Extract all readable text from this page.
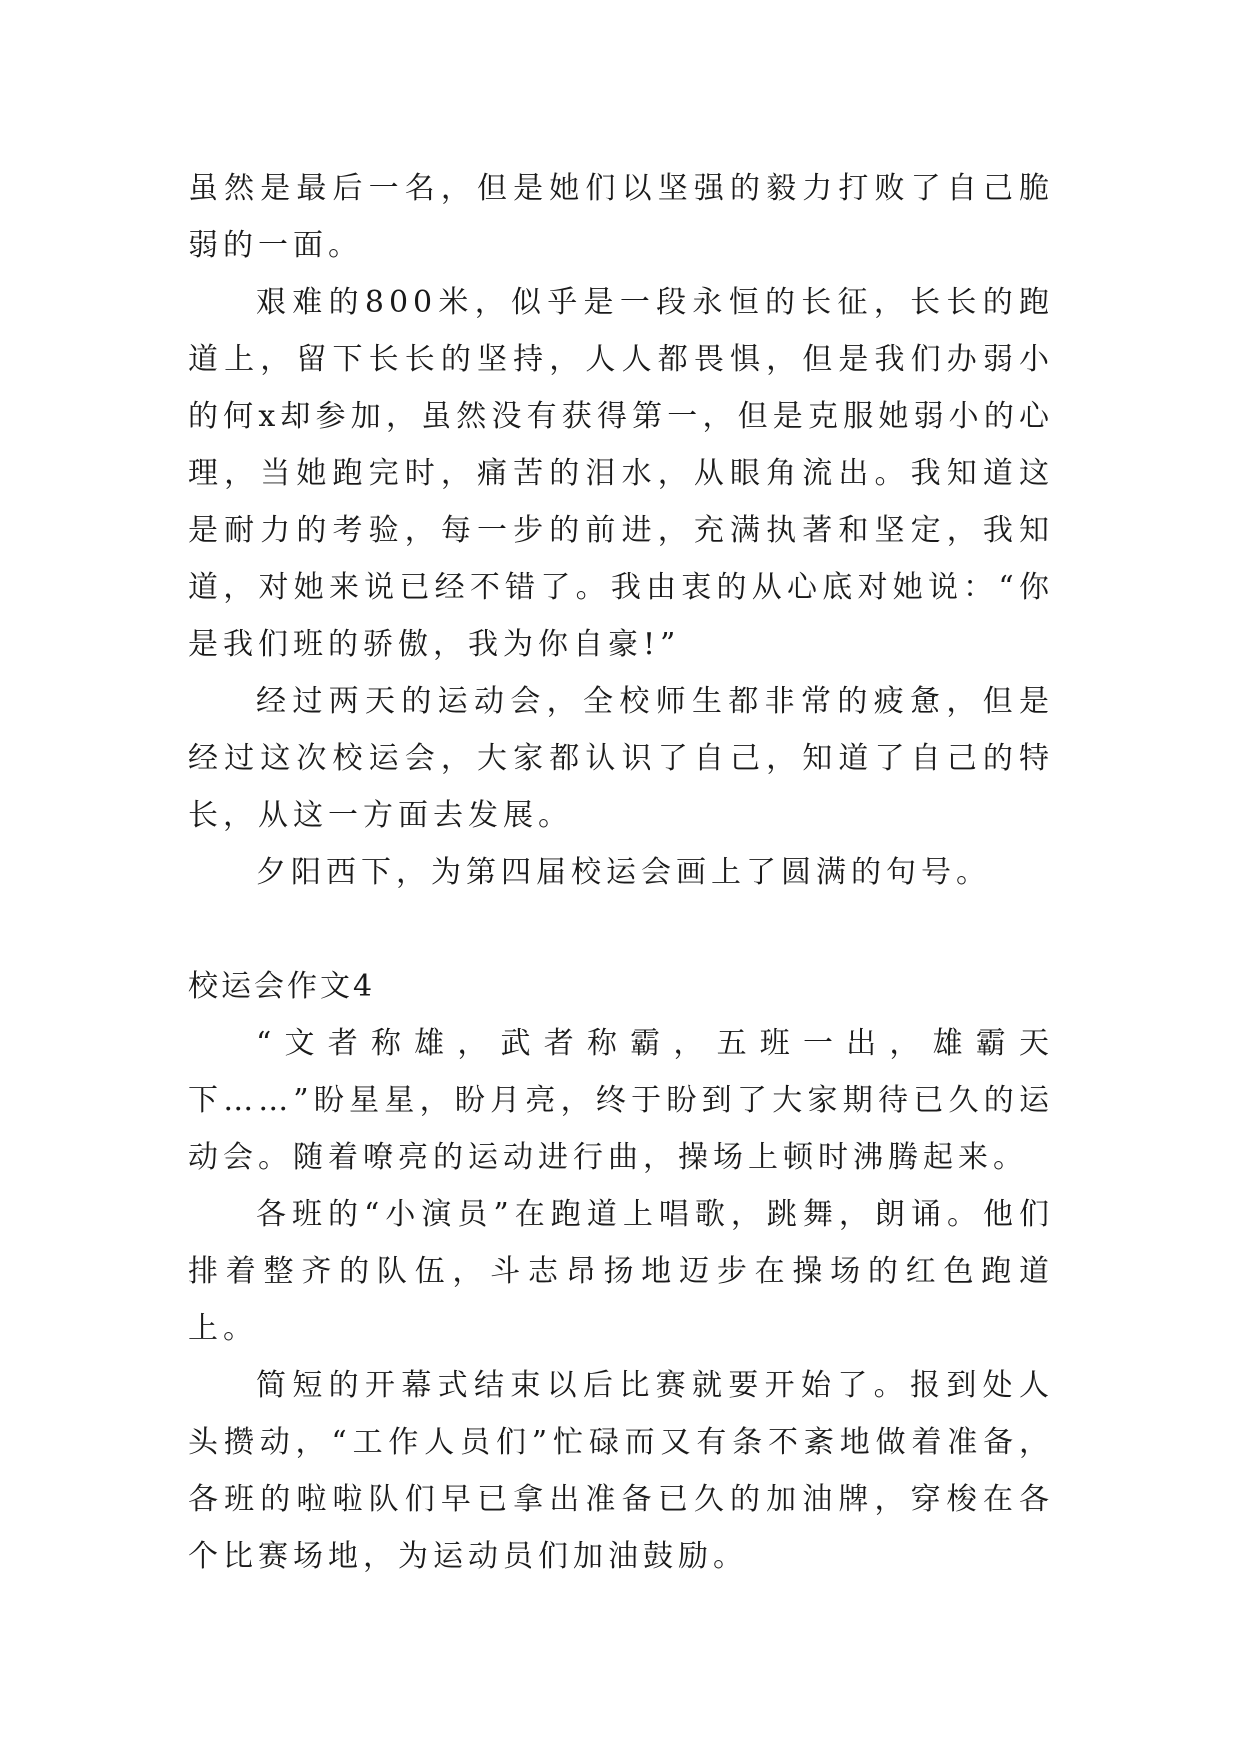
虽然是最后一名，但是她们以坚强的毅力打败了自己脆弱的一面。

艰难的800米，似乎是一段永恒的长征，长长的跑道上，留下长长的坚持，人人都畏惧，但是我们办弱小的何x却参加，虽然没有获得第一，但是克服她弱小的心理，当她跑完时，痛苦的泪水，从眼角流出。我知道这是耐力的考验，每一步的前进，充满执著和坚定，我知道，对她来说已经不错了。我由衷的从心底对她说：“你是我们班的骄傲，我为你自豪!”

经过两天的运动会，全校师生都非常的疲惫，但是经过这次校运会，大家都认识了自己，知道了自己的特长，从这一方面去发展。

夕阳西下，为第四届校运会画上了圆满的句号。

校运会作文4

“文者称雄，武者称霸，五班一出，雄霸天下……”盼星星，盼月亮，终于盼到了大家期待已久的运动会。随着嘹亮的运动进行曲，操场上顿时沸腾起来。

各班的“小演员”在跑道上唱歌，跳舞，朗诵。他们排着整齐的队伍，斗志昂扬地迈步在操场的红色跑道上。

简短的开幕式结束以后比赛就要开始了。报到处人头攒动，“工作人员们”忙碌而又有条不紊地做着准备，各班的啦啦队们早已拿出准备已久的加油牌，穿梭在各个比赛场地，为运动员们加油鼓励。
